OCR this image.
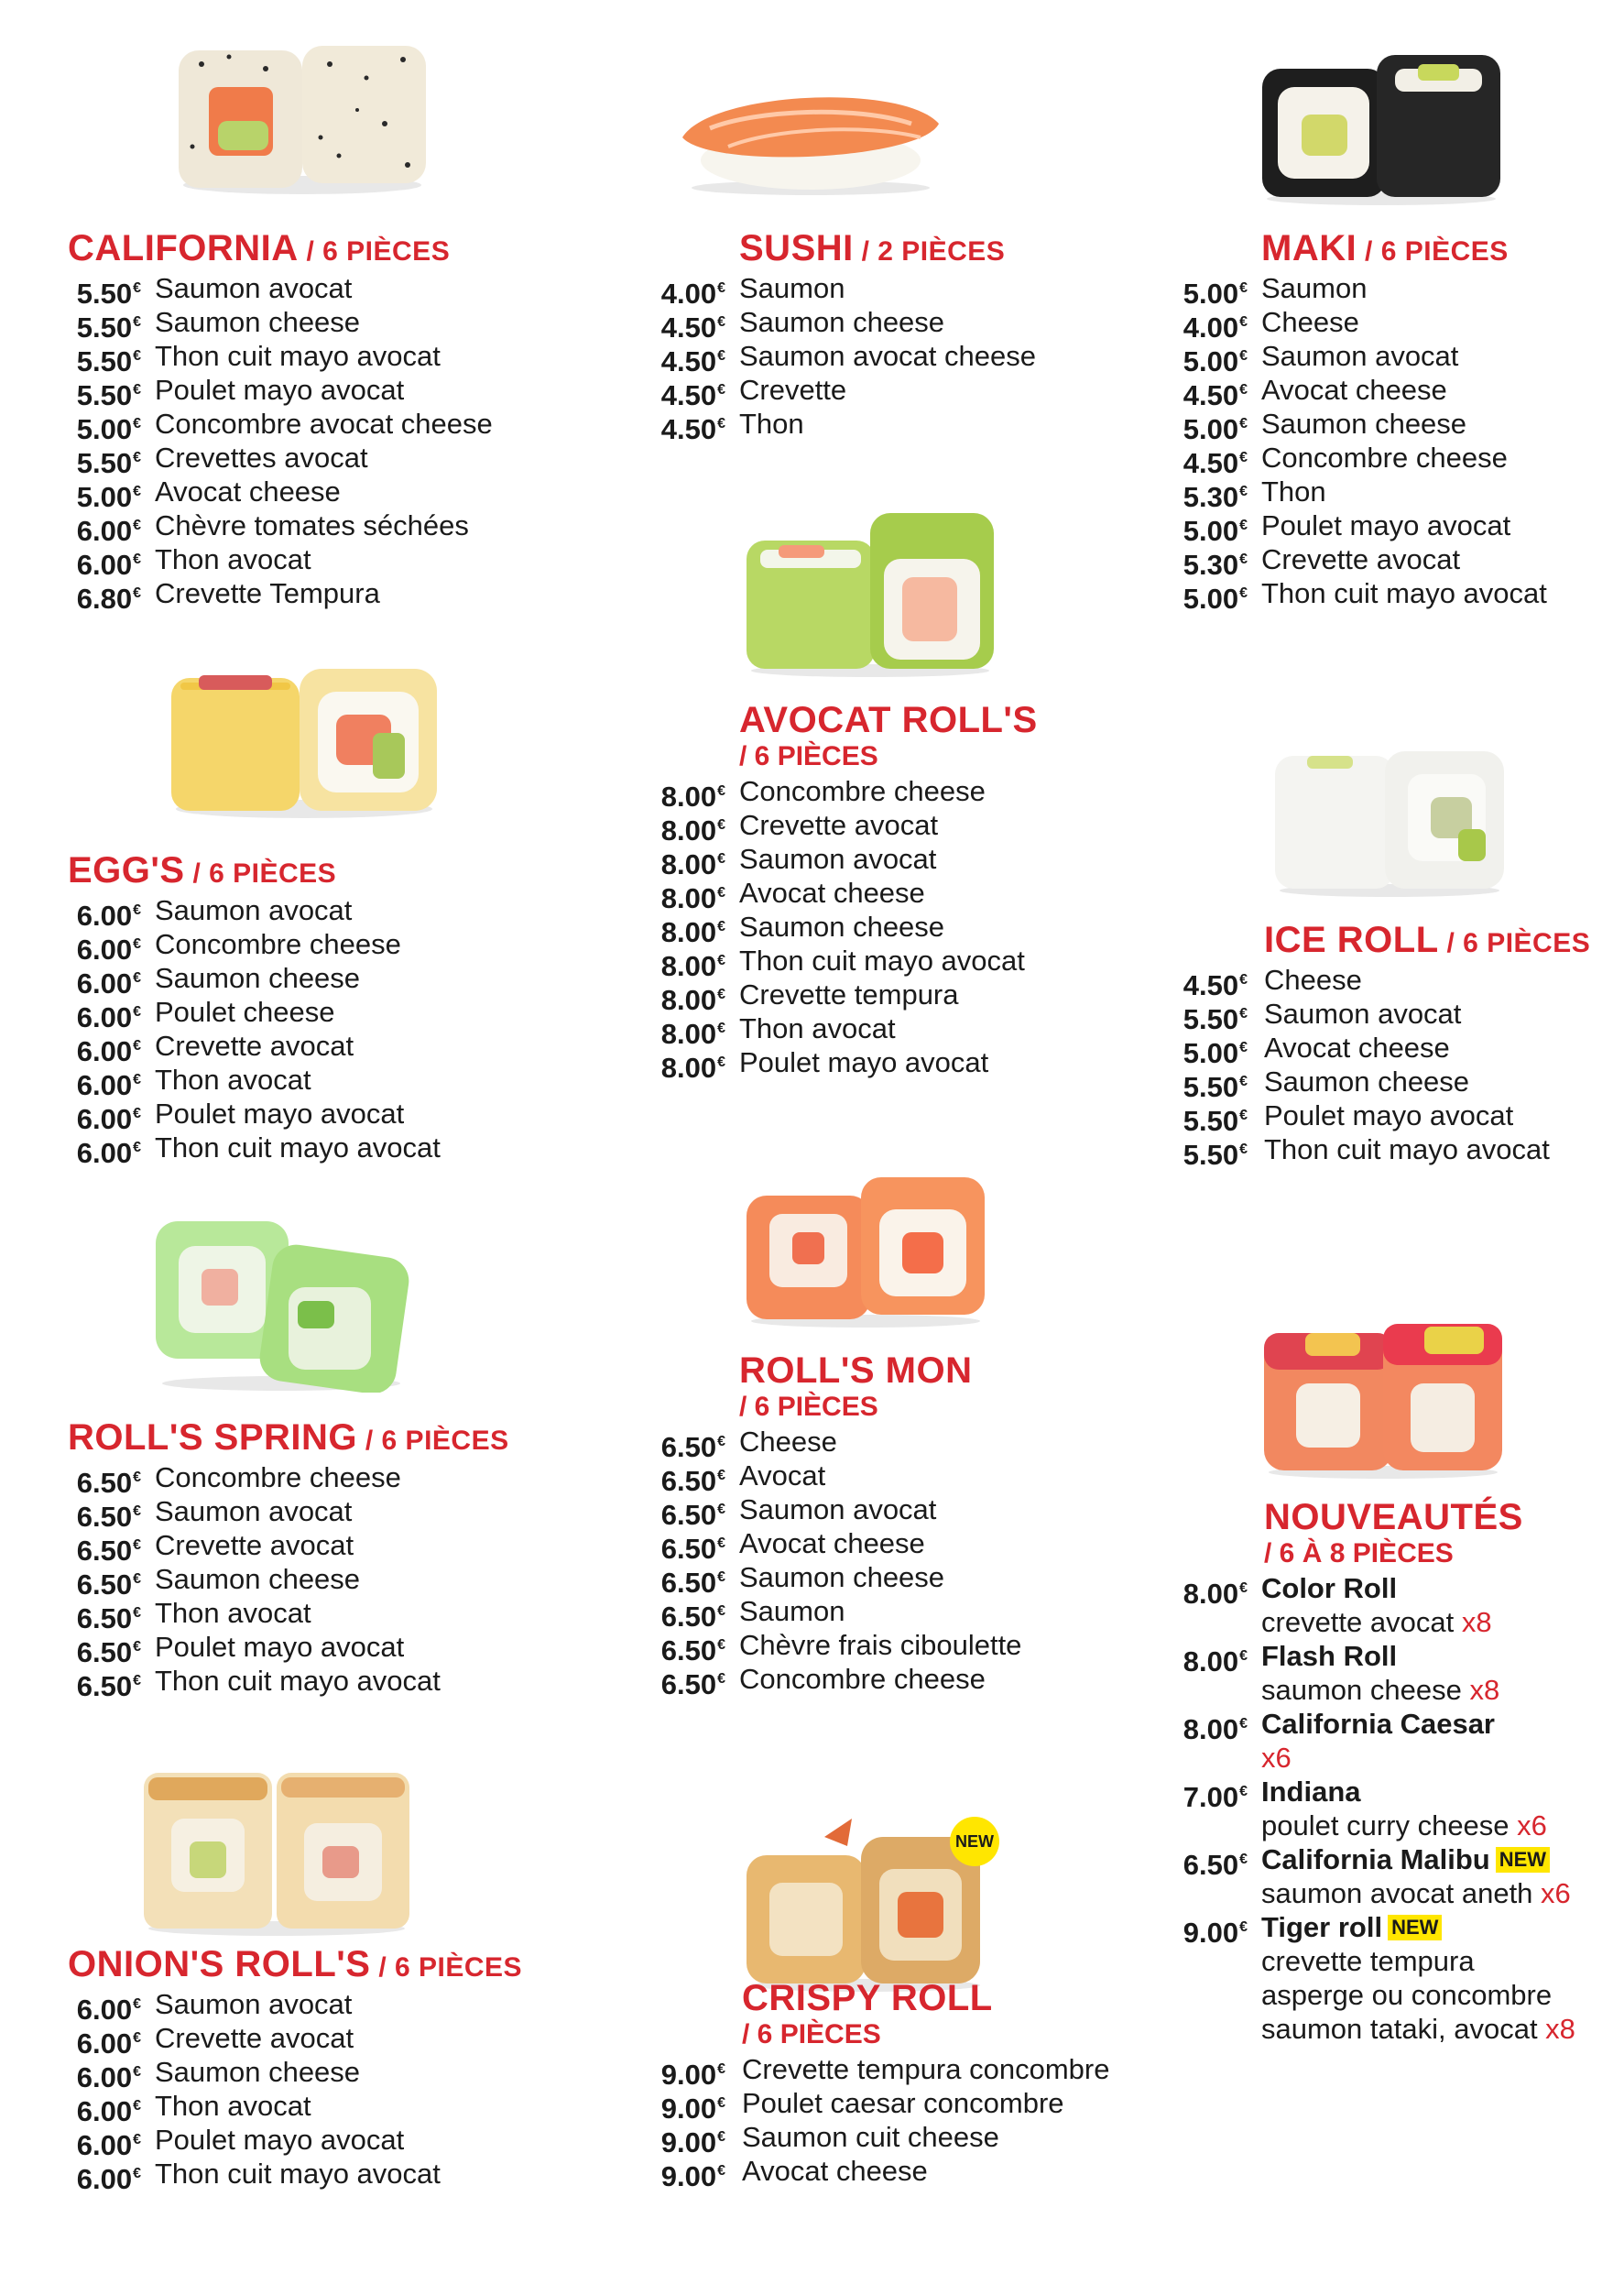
CALIFORNIA / 6 PIÈCES
5.50€ Saumon avocat
5.50€ Saumon cheese
5.50€ Thon cuit mayo avocat
5.50€ Poulet mayo avocat
5.00€ Concombre avocat cheese
5.50€ Crevettes avocat
5.00€ Avocat cheese
6.00€ Chèvre tomates séchées
6.00€ Thon avocat
6.80€ Crevette Tempura
EGG'S / 6 PIÈCES
6.00€ Saumon avocat
6.00€ Concombre cheese
6.00€ Saumon cheese
6.00€ Poulet cheese
6.00€ Crevette avocat
6.00€ Thon avocat
6.00€ Poulet mayo avocat
6.00€ Thon cuit mayo avocat
ROLL'S SPRING / 6 PIÈCES
6.50€ Concombre cheese
6.50€ Saumon avocat
6.50€ Crevette avocat
6.50€ Saumon cheese
6.50€ Thon avocat
6.50€ Poulet mayo avocat
6.50€ Thon cuit mayo avocat
ONION'S ROLL'S / 6 PIÈCES
6.00€ Saumon avocat
6.00€ Crevette avocat
6.00€ Saumon cheese
6.00€ Thon avocat
6.00€ Poulet mayo avocat
6.00€ Thon cuit mayo avocat
SUSHI / 2 PIÈCES
4.00€ Saumon
4.50€ Saumon cheese
4.50€ Saumon avocat cheese
4.50€ Crevette
4.50€ Thon
AVOCAT ROLL'S
/ 6 PIÈCES
8.00€ Concombre cheese
8.00€ Crevette avocat
8.00€ Saumon avocat
8.00€ Avocat cheese
8.00€ Saumon cheese
8.00€ Thon cuit mayo avocat
8.00€ Crevette tempura
8.00€ Thon avocat
8.00€ Poulet mayo avocat
ROLL'S MON
/ 6 PIÈCES
6.50€ Cheese
6.50€ Avocat
6.50€ Saumon avocat
6.50€ Avocat cheese
6.50€ Saumon cheese
6.50€ Saumon
6.50€ Chèvre frais ciboulette
6.50€ Concombre cheese
NEW
CRISPY ROLL
/ 6 PIÈCES
9.00€ Crevette tempura concombre
9.00€ Poulet caesar concombre
9.00€ Saumon cuit cheese
9.00€ Avocat cheese
MAKI / 6 PIÈCES
5.00€ Saumon
4.00€ Cheese
5.00€ Saumon avocat
4.50€ Avocat cheese
5.00€ Saumon cheese
4.50€ Concombre cheese
5.30€ Thon
5.00€ Poulet mayo avocat
5.30€ Crevette avocat
5.00€ Thon cuit mayo avocat
ICE ROLL / 6 PIÈCES
4.50€ Cheese
5.50€ Saumon avocat
5.00€ Avocat cheese
5.50€ Saumon cheese
5.50€ Poulet mayo avocat
5.50€ Thon cuit mayo avocat
NOUVEAUTÉS
/ 6 À 8 PIÈCES
8.00€ Color Roll
crevette avocat x8
8.00€ Flash Roll
saumon cheese x8
8.00€ California Caesar
x6
7.00€ Indiana
poulet curry cheese x6
6.50€ California Malibu NEW
saumon avocat aneth x6
9.00€ Tiger roll NEW
crevette tempura
asperge ou concombre
saumon tataki, avocat x8
